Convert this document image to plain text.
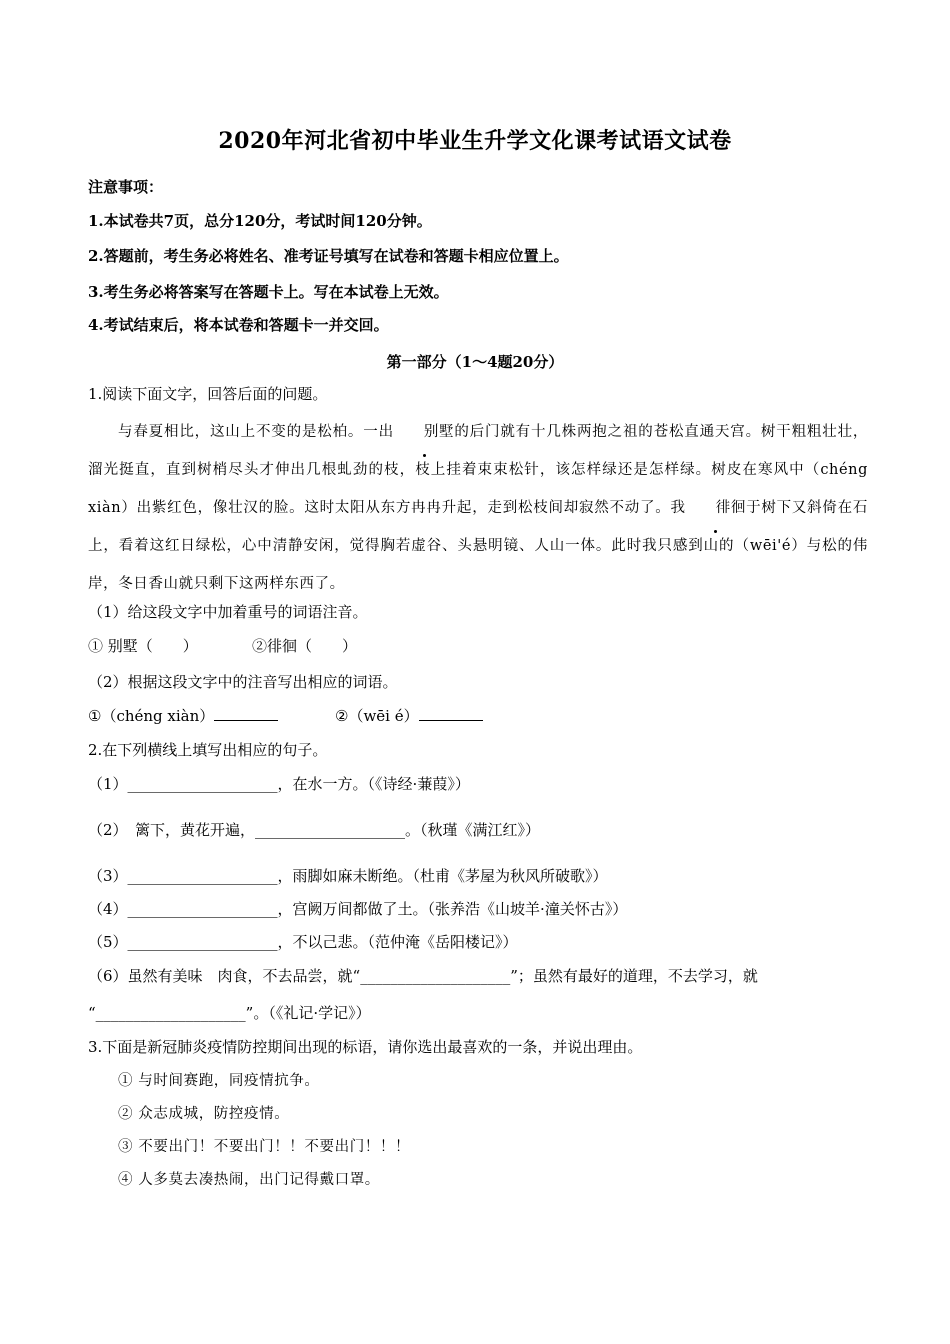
2020年河北省初中毕业生升学文化课考试语文试卷
注意事项：
1.本试卷共7页，总分120分，考试时间120分钟。
2.答题前，考生务必将姓名、准考证号填写在试卷和答题卡相应位置上。
3.考生务必将答案写在答题卡上。写在本试卷上无效。
4.考试结束后，将本试卷和答题卡一并交回。
第一部分（1～4题20分）
1.阅读下面文字，回答后面的问题。
与春夏相比，这山上不变的是松柏。一出 别墅的后门就有十几株两抱之祖的苍松直通天宫。树干粗粗壮壮，溜光挺直，直到树梢尽头才伸出几根虬劲的枝，枝上挂着束束松针，该怎样绿还是怎样绿。树皮在寒风中（chéng xiàn）出紫红色，像壮汉的脸。这时太阳从东方冉冉升起，走到松枝间却寂然不动了。我 徘徊于树下又斜倚在石上，看着这红日绿松，心中清静安闲，觉得胸若虚谷、头悬明镜、人山一体。此时我只感到山的（wēi'é）与松的伟岸，冬日香山就只剩下这两样东西了。
（1）给这段文字中加着重号的词语注音。
① 别墅（　　）	②徘徊（　　）
（2）根据这段文字中的注音写出相应的词语。
①（chéng xiàn）	②（wēi é）
2.在下列横线上填写出相应的句子。
（1）____________________，在水一方。（《诗经·蒹葭》）
（2）　篱下，黄花开遍，____________________。（秋瑾《满江红》）
（3）____________________，雨脚如麻未断绝。（杜甫《茅屋为秋风所破歌》）
（4）____________________，宫阙万间都做了土。（张养浩《山坡羊·潼关怀古》）
（5）____________________，不以己悲。（范仲淹《岳阳楼记》）
（6）虽然有美味　肉食，不去品尝，就“____________________”；虽然有最好的道理，不去学习，就
“____________________”。（《礼记·学记》）
3.下面是新冠肺炎疫情防控期间出现的标语，请你选出最喜欢的一条，并说出理由。
① 与时间赛跑，同疫情抗争。
② 众志成城，防控疫情。
③ 不要出门！不要出门！！不要出门！！！
④ 人多莫去凑热闹，出门记得戴口罩。
